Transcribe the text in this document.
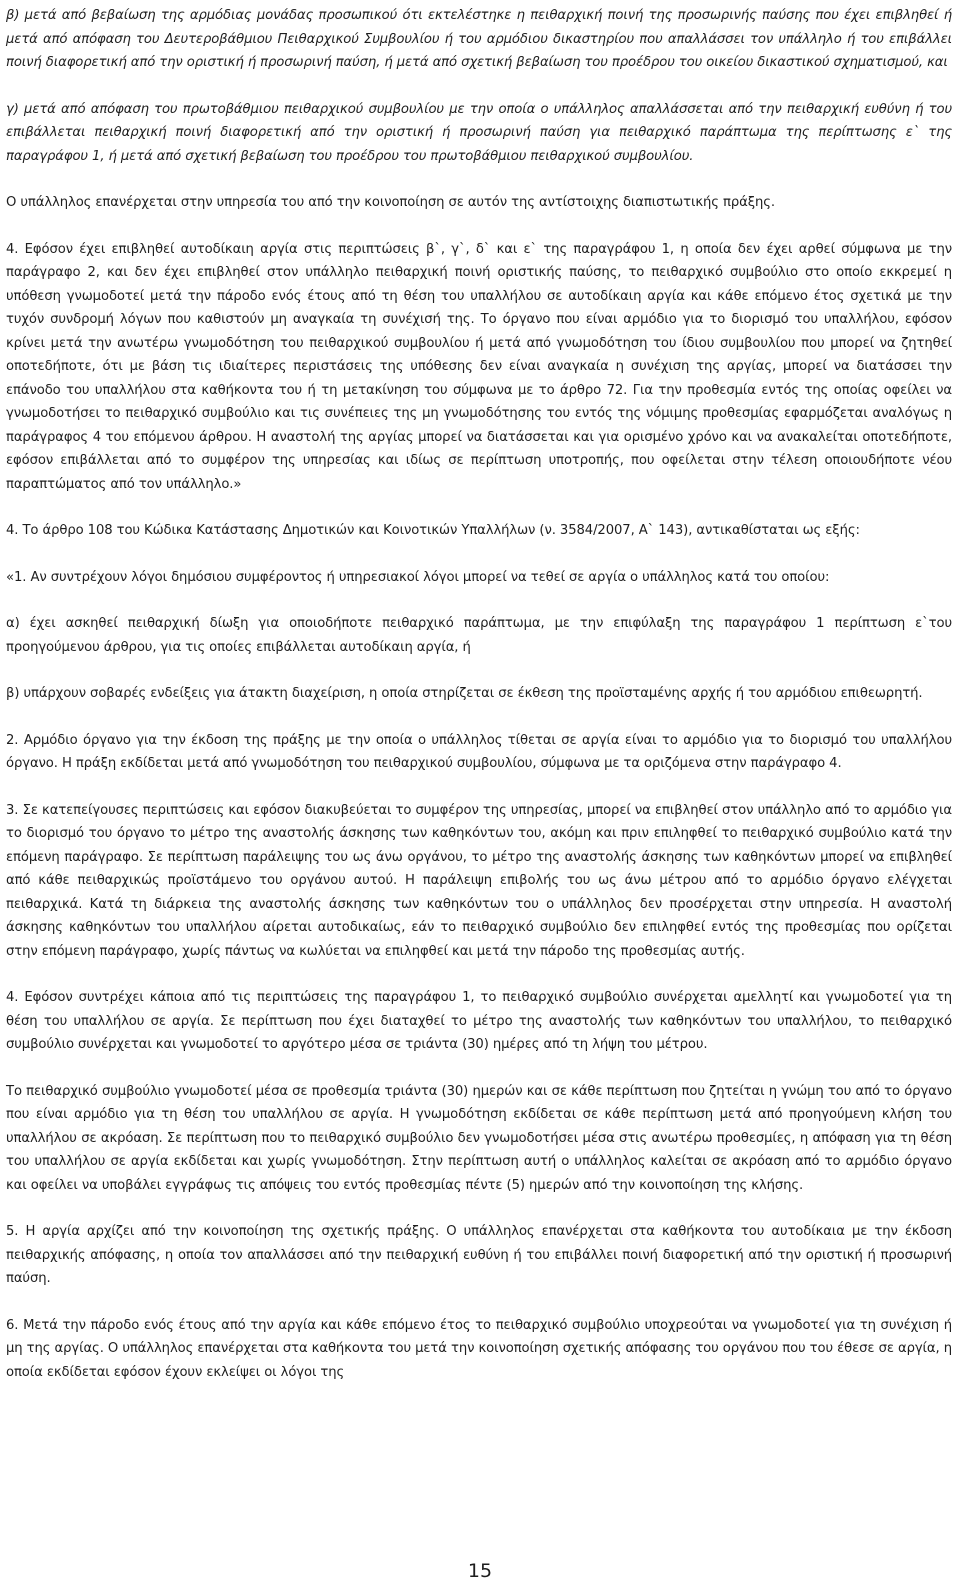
β) μετά από βεβαίωση της αρμόδιας μονάδας προσωπικού ότι εκτελέστηκε η πειθαρχική ποινή της προσωρινής παύσης που έχει επιβληθεί ή μετά από απόφαση του Δευτεροβάθμιου Πειθαρχικού Συμβουλίου ή του αρμόδιου δικαστηρίου που απαλλάσσει τον υπάλληλο ή του επιβάλλει ποινή διαφορετική από την οριστική ή προσωρινή παύση, ή μετά από σχετική βεβαίωση του προέδρου του οικείου δικαστικού σχηματισμού, και

γ) μετά από απόφαση του πρωτοβάθμιου πειθαρχικού συμβουλίου με την οποία ο υπάλληλος απαλλάσσεται από την πειθαρχική ευθύνη ή του επιβάλλεται πειθαρχική ποινή διαφορετική από την οριστική ή προσωρινή παύση για πειθαρχικό παράπτωμα της περίπτωσης ε` της παραγράφου 1, ή μετά από σχετική βεβαίωση του προέδρου του πρωτοβάθμιου πειθαρχικού συμβουλίου.

Ο υπάλληλος επανέρχεται στην υπηρεσία του από την κοινοποίηση σε αυτόν της αντίστοιχης διαπιστωτικής πράξης.

4. Εφόσον έχει επιβληθεί αυτοδίκαιη αργία στις περιπτώσεις β`, γ`, δ` και ε` της παραγράφου 1, η οποία δεν έχει αρθεί σύμφωνα με την παράγραφο 2, και δεν έχει επιβληθεί στον υπάλληλο πειθαρχική ποινή οριστικής παύσης, το πειθαρχικό συμβούλιο στο οποίο εκκρεμεί η υπόθεση γνωμοδοτεί μετά την πάροδο ενός έτους από τη θέση του υπαλλήλου σε αυτοδίκαιη αργία και κάθε επόμενο έτος σχετικά με την τυχόν συνδρομή λόγων που καθιστούν μη αναγκαία τη συνέχισή της. Το όργανο που είναι αρμόδιο για το διορισμό του υπαλλήλου, εφόσον κρίνει μετά την ανωτέρω γνωμοδότηση του πειθαρχικού συμβουλίου ή μετά από γνωμοδότηση του ίδιου συμβουλίου που μπορεί να ζητηθεί οποτεδήποτε, ότι με βάση τις ιδιαίτερες περιστάσεις της υπόθεσης δεν είναι αναγκαία η συνέχιση της αργίας, μπορεί να διατάσσει την επάνοδο του υπαλλήλου στα καθήκοντα του ή τη μετακίνηση του σύμφωνα με το άρθρο 72. Για την προθεσμία εντός της οποίας οφείλει να γνωμοδοτήσει το πειθαρχικό συμβούλιο και τις συνέπειες της μη γνωμοδότησης του εντός της νόμιμης προθεσμίας εφαρμόζεται αναλόγως η παράγραφος 4 του επόμενου άρθρου. Η αναστολή της αργίας μπορεί να διατάσσεται και για ορισμένο χρόνο και να ανακαλείται οποτεδήποτε, εφόσον επιβάλλεται από το συμφέρον της υπηρεσίας και ιδίως σε περίπτωση υποτροπής, που οφείλεται στην τέλεση οποιουδήποτε νέου παραπτώματος από τον υπάλληλο.»

4. Το άρθρο 108 του Κώδικα Κατάστασης Δημοτικών και Κοινοτικών Υπαλλήλων (ν. 3584/2007, Α` 143), αντικαθίσταται ως εξής:

«1. Αν συντρέχουν λόγοι δημόσιου συμφέροντος ή υπηρεσιακοί λόγοι μπορεί να τεθεί σε αργία ο υπάλληλος κατά του οποίου:

α) έχει ασκηθεί πειθαρχική δίωξη για οποιοδήποτε πειθαρχικό παράπτωμα, με την επιφύλαξη της παραγράφου 1 περίπτωση ε`του προηγούμενου άρθρου, για τις οποίες επιβάλλεται αυτοδίκαιη αργία, ή

β) υπάρχουν σοβαρές ενδείξεις για άτακτη διαχείριση, η οποία στηρίζεται σε έκθεση της προϊσταμένης αρχής ή του αρμόδιου επιθεωρητή.

2. Αρμόδιο όργανο για την έκδοση της πράξης με την οποία ο υπάλληλος τίθεται σε αργία είναι το αρμόδιο για το διορισμό του υπαλλήλου όργανο. Η πράξη εκδίδεται μετά από γνωμοδότηση του πειθαρχικού συμβουλίου, σύμφωνα με τα οριζόμενα στην παράγραφο 4.

3. Σε κατεπείγουσες περιπτώσεις και εφόσον διακυβεύεται το συμφέρον της υπηρεσίας, μπορεί να επιβληθεί στον υπάλληλο από το αρμόδιο για το διορισμό του όργανο το μέτρο της αναστολής άσκησης των καθηκόντων του, ακόμη και πριν επιληφθεί το πειθαρχικό συμβούλιο κατά την επόμενη παράγραφο. Σε περίπτωση παράλειψης του ως άνω οργάνου, το μέτρο της αναστολής άσκησης των καθηκόντων μπορεί να επιβληθεί από κάθε πειθαρχικώς προϊστάμενο του οργάνου αυτού. Η παράλειψη επιβολής του ως άνω μέτρου από το αρμόδιο όργανο ελέγχεται πειθαρχικά. Κατά τη διάρκεια της αναστολής άσκησης των καθηκόντων του ο υπάλληλος δεν προσέρχεται στην υπηρεσία. Η αναστολή άσκησης καθηκόντων του υπαλλήλου αίρεται αυτοδικαίως, εάν το πειθαρχικό συμβούλιο δεν επιληφθεί εντός της προθεσμίας που ορίζεται στην επόμενη παράγραφο, χωρίς πάντως να κωλύεται να επιληφθεί και μετά την πάροδο της προθεσμίας αυτής.

4. Εφόσον συντρέχει κάποια από τις περιπτώσεις της παραγράφου 1, το πειθαρχικό συμβούλιο συνέρχεται αμελλητί και γνωμοδοτεί για τη θέση του υπαλλήλου σε αργία. Σε περίπτωση που έχει διαταχθεί το μέτρο της αναστολής των καθηκόντων του υπαλλήλου, το πειθαρχικό συμβούλιο συνέρχεται και γνωμοδοτεί το αργότερο μέσα σε τριάντα (30) ημέρες από τη λήψη του μέτρου.

Το πειθαρχικό συμβούλιο γνωμοδοτεί μέσα σε προθεσμία τριάντα (30) ημερών και σε κάθε περίπτωση που ζητείται η γνώμη του από το όργανο που είναι αρμόδιο για τη θέση του υπαλλήλου σε αργία. Η γνωμοδότηση εκδίδεται σε κάθε περίπτωση μετά από προηγούμενη κλήση του υπαλλήλου σε ακρόαση. Σε περίπτωση που το πειθαρχικό συμβούλιο δεν γνωμοδοτήσει μέσα στις ανωτέρω προθεσμίες, η απόφαση για τη θέση του υπαλλήλου σε αργία εκδίδεται και χωρίς γνωμοδότηση. Στην περίπτωση αυτή ο υπάλληλος καλείται σε ακρόαση από το αρμόδιο όργανο και οφείλει να υποβάλει εγγράφως τις απόψεις του εντός προθεσμίας πέντε (5) ημερών από την κοινοποίηση της κλήσης.

5. Η αργία αρχίζει από την κοινοποίηση της σχετικής πράξης. Ο υπάλληλος επανέρχεται στα καθήκοντα του αυτοδίκαια με την έκδοση πειθαρχικής απόφασης, η οποία τον απαλλάσσει από την πειθαρχική ευθύνη ή του επιβάλλει ποινή διαφορετική από την οριστική ή προσωρινή παύση.

6. Μετά την πάροδο ενός έτους από την αργία και κάθε επόμενο έτος το πειθαρχικό συμβούλιο υποχρεούται να γνωμοδοτεί για τη συνέχιση ή μη της αργίας. Ο υπάλληλος επανέρχεται στα καθήκοντα του μετά την κοινοποίηση σχετικής απόφασης του οργάνου που του έθεσε σε αργία, η οποία εκδίδεται εφόσον έχουν εκλείψει οι λόγοι της

15
